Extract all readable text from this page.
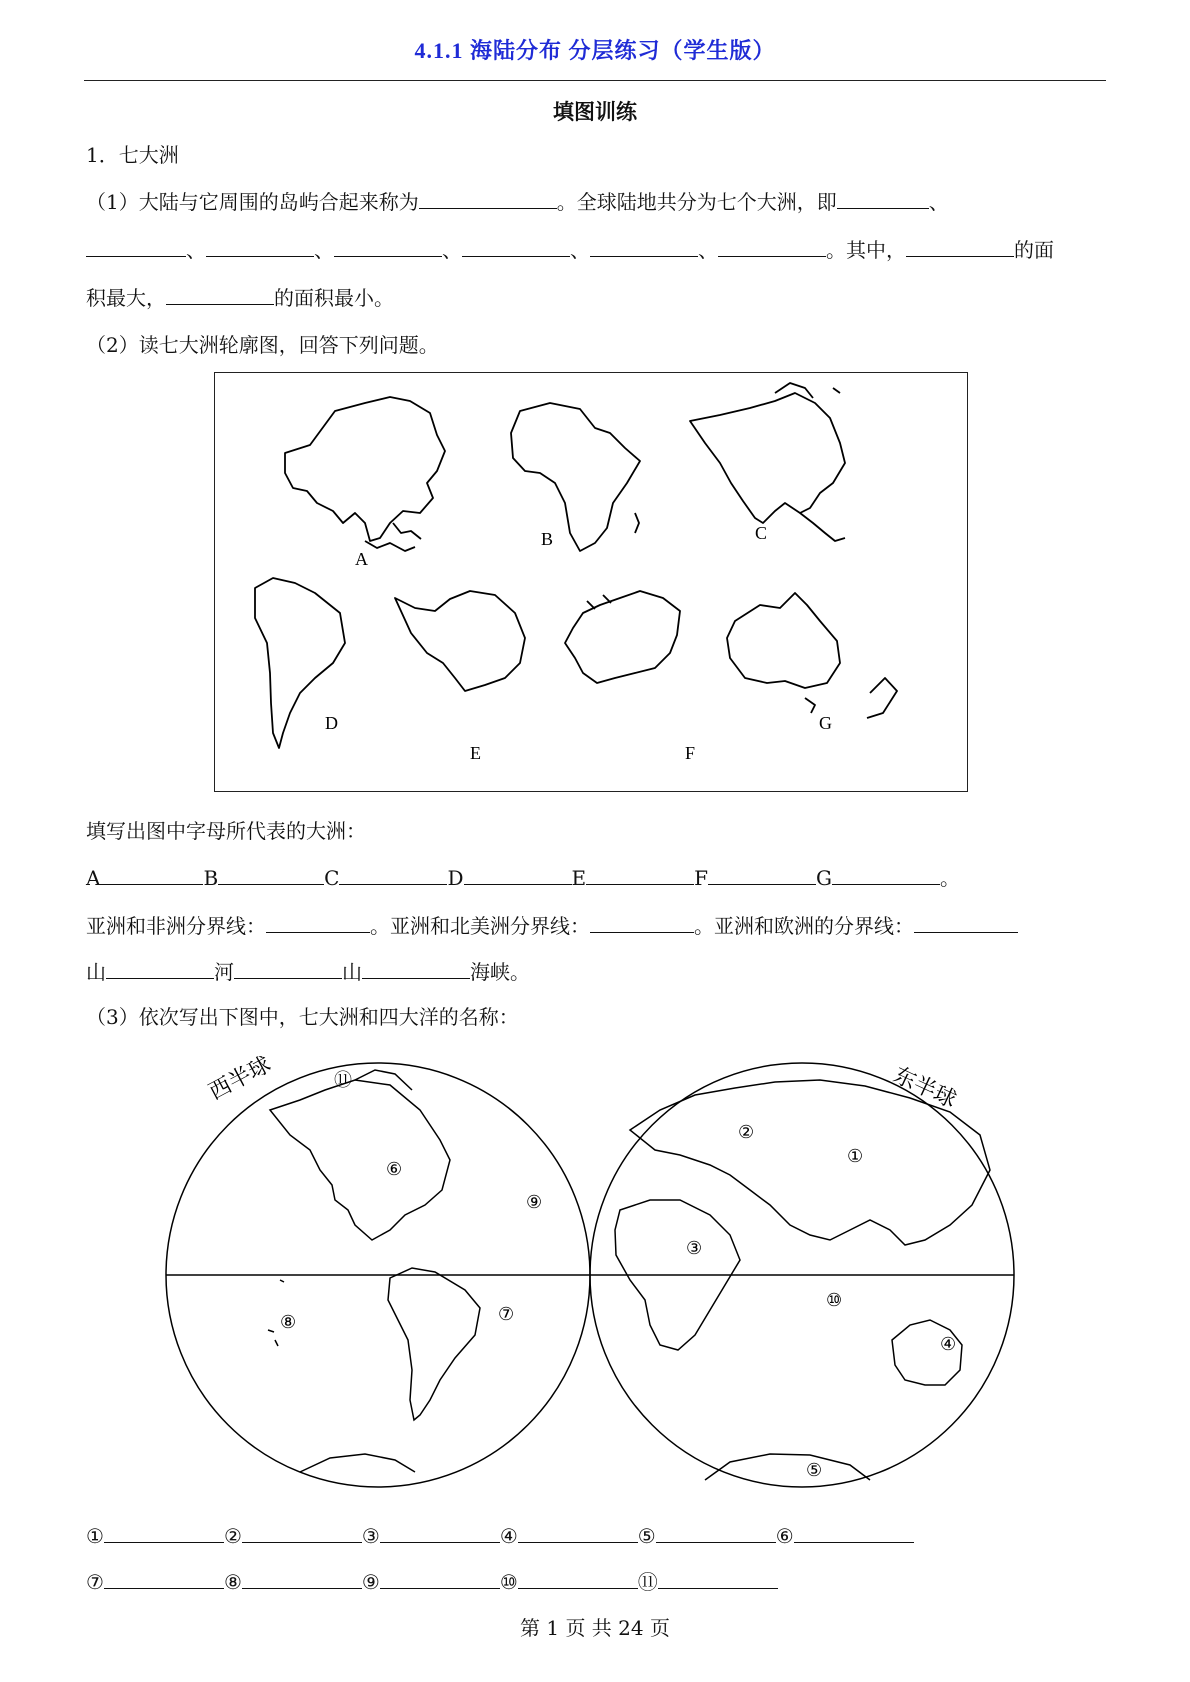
4.1.1 海陆分布 分层练习（学生版）
填图训练
1．七大洲
（1）大陆与它周围的岛屿合起来称为	。全球陆地共分为七个大洲，即	、
、	、	、	、	、	。其中，	的面
积最大，	的面积最小。
（2）读七大洲轮廓图，回答下列问题。
A
B	C
D
E	F
G
填写出图中字母所代表的大洲：
A	B	C	D	E	F	G	。
亚洲和非洲分界线：	。亚洲和北美洲分界线：	。亚洲和欧洲的分界线：
山	河	山	海峡。
（3）依次写出下图中，七大洲和四大洋的名称：
西半球	东半球
①
②
③
④
⑤
⑥
⑦
⑧
⑨
⑩
⑪
①	②	③	④	⑤	⑥
⑦	⑧	⑨	⑩	⑪
第 1 页 共 24 页
